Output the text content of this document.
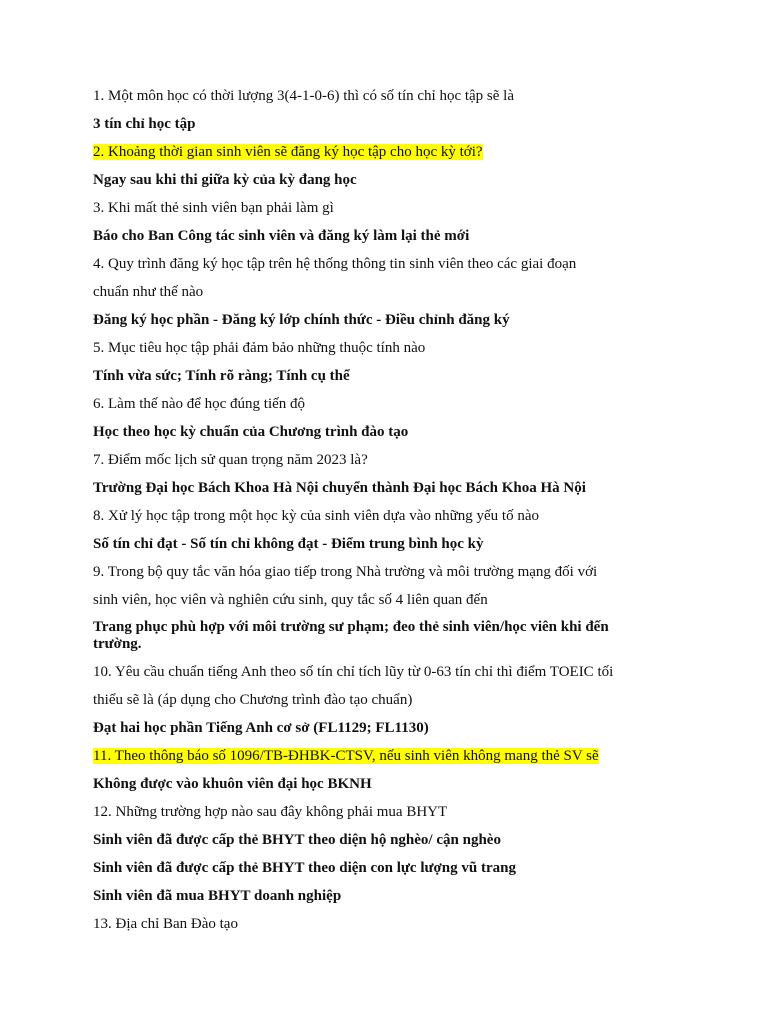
1. Một môn học có thời lượng 3(4-1-0-6) thì có số tín chỉ học tập sẽ là
3 tín chỉ học tập
2. Khoảng thời gian sinh viên sẽ đăng ký học tập cho học kỳ tới?
Ngay sau khi thi giữa kỳ của kỳ đang học
3. Khi mất thẻ sinh viên bạn phải làm gì
Báo cho Ban Công tác sinh viên và đăng ký làm lại thẻ mới
4. Quy trình đăng ký học tập trên hệ thống thông tin sinh viên theo các giai đoạn
chuẩn như thế nào
Đăng ký học phần - Đăng ký lớp chính thức - Điều chỉnh đăng ký
5. Mục tiêu học tập phải đảm bảo những thuộc tính nào
Tính vừa sức; Tính rõ ràng; Tính cụ thể
6. Làm thế nào để học đúng tiến độ
Học theo học kỳ chuẩn của Chương trình đào tạo
7. Điểm mốc lịch sử quan trọng năm 2023 là?
Trường Đại học Bách Khoa Hà Nội chuyển thành Đại học Bách Khoa Hà Nội
8. Xử lý học tập trong một học kỳ của sinh viên dựa vào những yếu tố nào
Số tín chỉ đạt - Số tín chỉ không đạt - Điểm trung bình học kỳ
9. Trong bộ quy tắc văn hóa giao tiếp trong Nhà trường và môi trường mạng đối với
sinh viên, học viên và nghiên cứu sinh, quy tắc số 4 liên quan đến
Trang phục phù hợp với môi trường sư phạm; đeo thẻ sinh viên/học viên khi đến trường.
10. Yêu cầu chuẩn tiếng Anh theo số tín chỉ tích lũy từ 0-63 tín chỉ thì điểm TOEIC tối
thiểu sẽ là (áp dụng cho Chương trình đào tạo chuẩn)
Đạt hai học phần Tiếng Anh cơ sở (FL1129; FL1130)
11. Theo thông báo số 1096/TB-ĐHBK-CTSV, nếu sinh viên không mang thẻ SV sẽ
Không được vào khuôn viên đại học BKNH
12. Những trường hợp nào sau đây không phải mua BHYT
Sinh viên đã được cấp thẻ BHYT theo diện hộ nghèo/ cận nghèo
Sinh viên đã được cấp thẻ BHYT theo diện con lực lượng vũ trang
Sinh viên đã mua BHYT doanh nghiệp
13. Địa chỉ Ban Đào tạo
